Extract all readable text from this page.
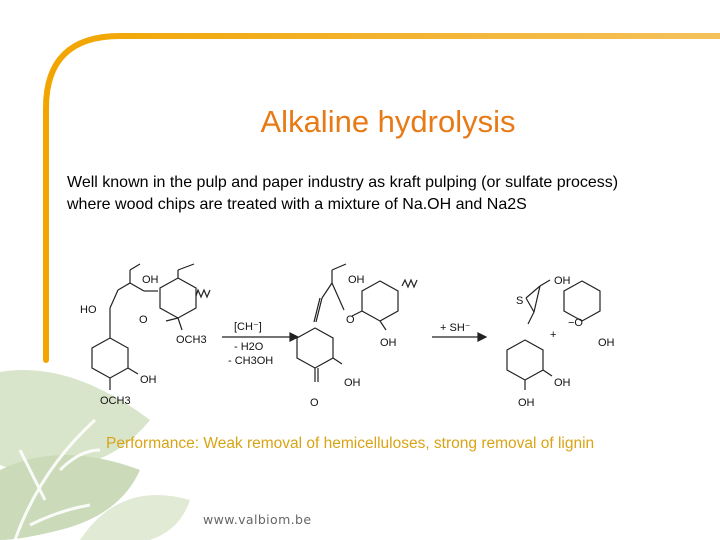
Alkaline hydrolysis
Well known in the pulp and paper industry as kraft pulping (or sulfate process)
where wood chips are treated with a mixture of Na.OH and Na2S
OH
HO
O
OCH3
OH
OCH3
[CH⁻]
- H2O
- CH3OH
OH
O
OH
OH
O
+ SH⁻
S
OH
+
−O
OH
OH
OH
Performance: Weak removal of hemicelluloses, strong removal of lignin
www.valbiom.be
